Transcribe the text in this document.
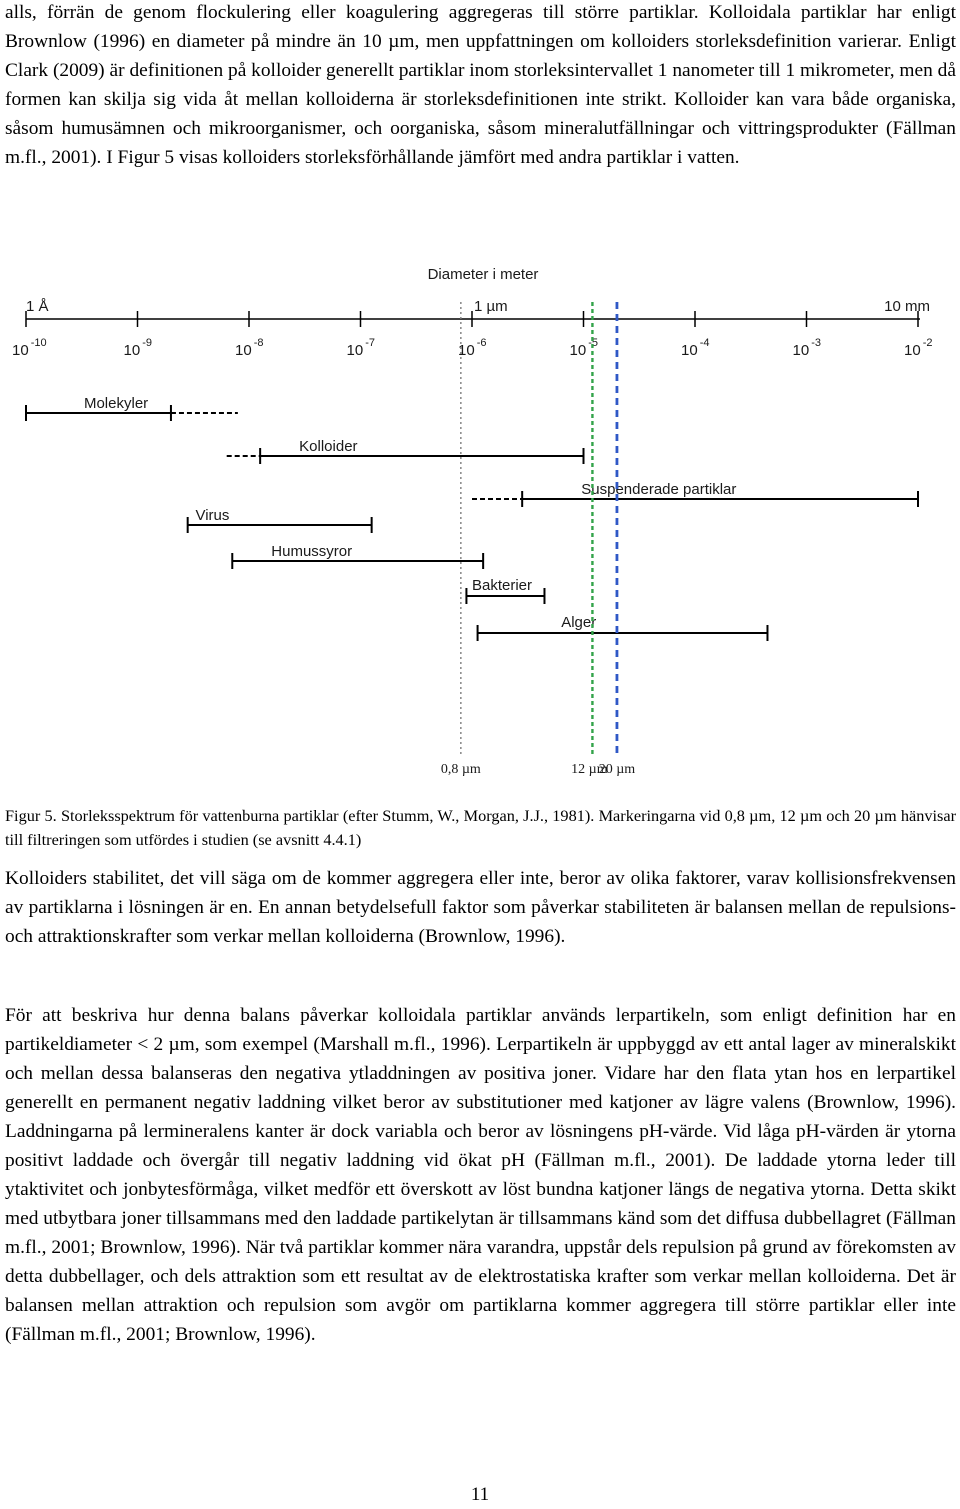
alls, förrän de genom flockulering eller koagulering aggregeras till större partiklar. Kolloidala partiklar har enligt Brownlow (1996) en diameter på mindre än 10 µm, men uppfattningen om kolloiders storleksdefinition varierar. Enligt Clark (2009) är definitionen på kolloider generellt partiklar inom storleksintervallet 1 nanometer till 1 mikrometer, men då formen kan skilja sig vida åt mellan kolloiderna är storleksdefinitionen inte strikt. Kolloider kan vara både organiska, såsom humusämnen och mikroorganismer, och oorganiska, såsom mineralutfällningar och vittringsprodukter (Fällman m.fl., 2001). I Figur 5 visas kolloiders storleksförhållande jämfört med andra partiklar i vatten.

Diameter i meter
1 Å	1 µm	10 mm
10 $^{-10}$	10 $^{-9}$	10 $^{-8}$	10 $^{-7}$	10 $^{-6}$	10 $^{-5}$	10 $^{-4}$	10 $^{-3}$	10 $^{-2}$
Molekyler
Kolloider
Suspenderade partiklar
Virus
Humussyror
Bakterier
Alger
0,8 µm	12 µm
20 µm

Figur 5. Storleksspektrum för vattenburna partiklar (efter Stumm, W., Morgan, J.J., 1981). Markeringarna vid 0,8 µm, 12 µm och 20 µm hänvisar till filtreringen som utfördes i studien (se avsnitt 4.4.1)

Kolloiders stabilitet, det vill säga om de kommer aggregera eller inte, beror av olika faktorer, varav kollisionsfrekvensen av partiklarna i lösningen är en. En annan betydelsefull faktor som påverkar stabiliteten är balansen mellan de repulsions- och attraktionskrafter som verkar mellan kolloiderna (Brownlow, 1996).

För att beskriva hur denna balans påverkar kolloidala partiklar används lerpartikeln, som enligt definition har en partikeldiameter < 2 µm, som exempel (Marshall m.fl., 1996). Lerpartikeln är uppbyggd av ett antal lager av mineralskikt och mellan dessa balanseras den negativa ytladdningen av positiva joner. Vidare har den flata ytan hos en lerpartikel generellt en permanent negativ laddning vilket beror av substitutioner med katjoner av lägre valens (Brownlow, 1996). Laddningarna på lermineralens kanter är dock variabla och beror av lösningens pH-värde. Vid låga pH-värden är ytorna positivt laddade och övergår till negativ laddning vid ökat pH (Fällman m.fl., 2001). De laddade ytorna leder till ytaktivitet och jonbytesförmåga, vilket medför ett överskott av löst bundna katjoner längs de negativa ytorna. Detta skikt med utbytbara joner tillsammans med den laddade partikelytan är tillsammans känd som det diffusa dubbellagret (Fällman m.fl., 2001; Brownlow, 1996). När två partiklar kommer nära varandra, uppstår dels repulsion på grund av förekomsten av detta dubbellager, och dels attraktion som ett resultat av de elektrostatiska krafter som verkar mellan kolloiderna. Det är balansen mellan attraktion och repulsion som avgör om partiklarna kommer aggregera till större partiklar eller inte (Fällman m.fl., 2001; Brownlow, 1996).

11
